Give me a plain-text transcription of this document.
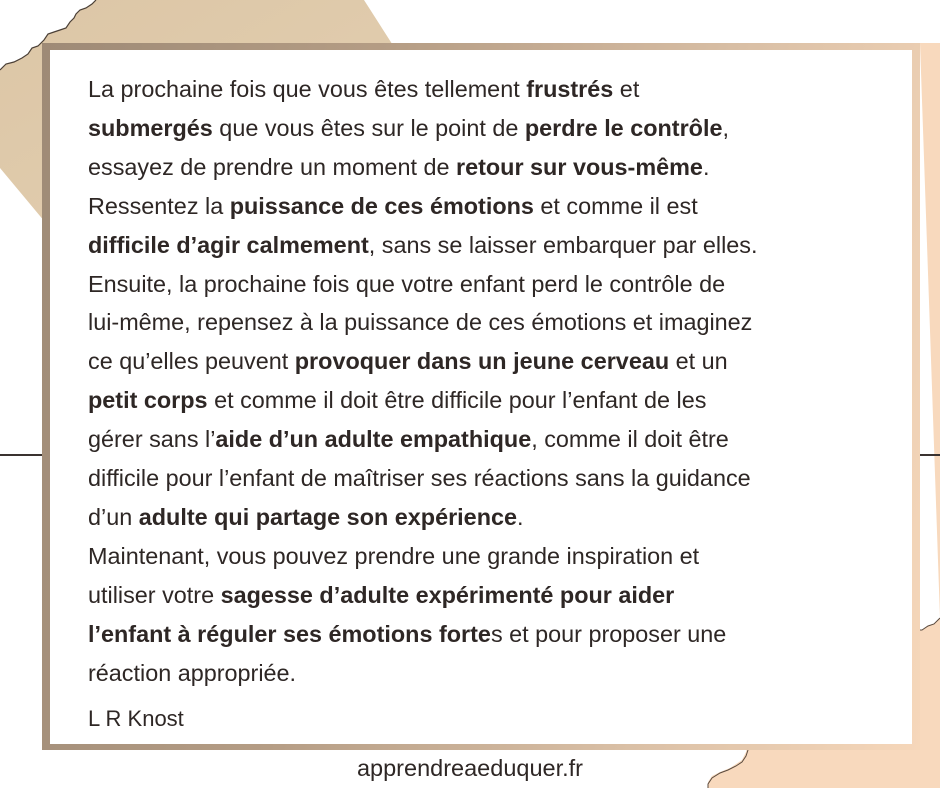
La prochaine fois que vous êtes tellement frustrés et
submergés que vous êtes sur le point de perdre le contrôle,
essayez de prendre un moment de retour sur vous-même.
Ressentez la puissance de ces émotions et comme il est
difficile d’agir calmement, sans se laisser embarquer par elles.
Ensuite, la prochaine fois que votre enfant perd le contrôle de
lui-même, repensez à la puissance de ces émotions et imaginez
ce qu’elles peuvent provoquer dans un jeune cerveau et un
petit corps et comme il doit être difficile pour l’enfant de les
gérer sans l’aide d’un adulte empathique, comme il doit être
difficile pour l’enfant de maîtriser ses réactions sans la guidance
d’un adulte qui partage son expérience.
Maintenant, vous pouvez prendre une grande inspiration et
utiliser votre sagesse d’adulte expérimenté pour aider
l’enfant à réguler ses émotions fortes et pour proposer une
réaction appropriée.
L R Knost
apprendreaeduquer.fr
